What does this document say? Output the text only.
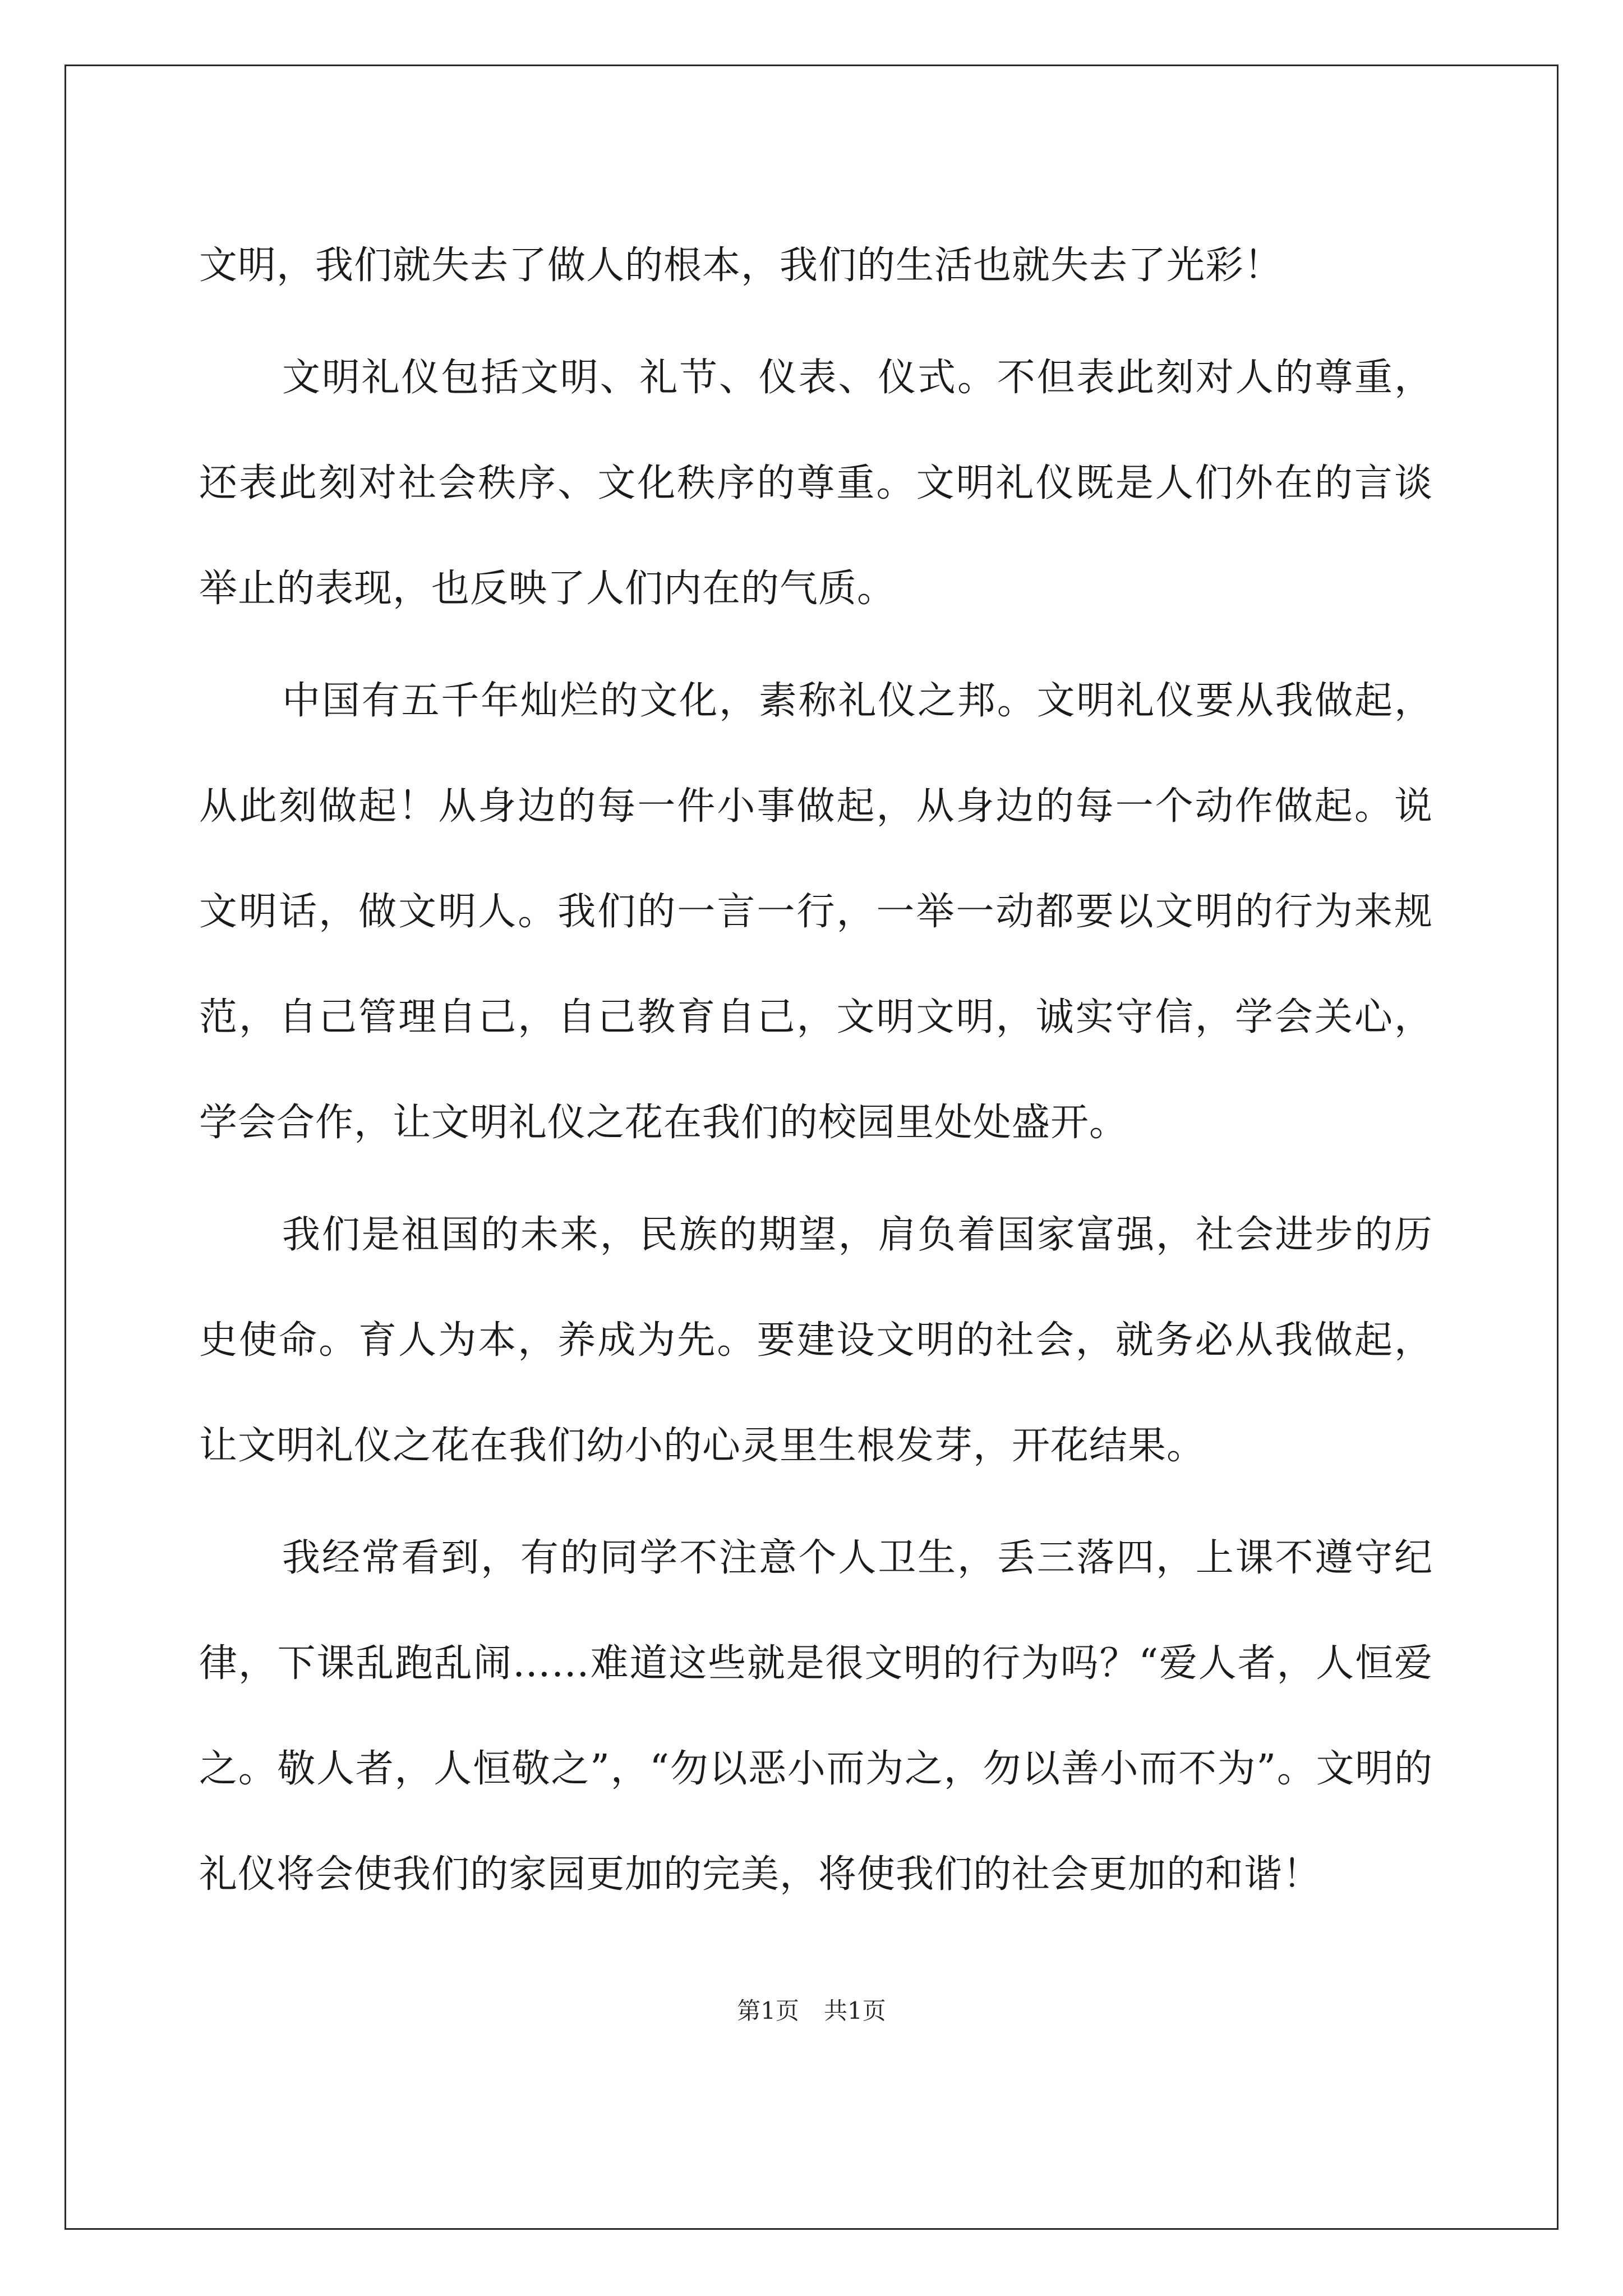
文明，我们就失去了做人的根本，我们的生活也就失去了光彩！

文明礼仪包括文明、礼节、仪表、仪式。不但表此刻对人的尊重，还表此刻对社会秩序、文化秩序的尊重。文明礼仪既是人们外在的言谈举止的表现，也反映了人们内在的气质。

中国有五千年灿烂的文化，素称礼仪之邦。文明礼仪要从我做起，从此刻做起！从身边的每一件小事做起，从身边的每一个动作做起。说文明话，做文明人。我们的一言一行，一举一动都要以文明的行为来规范，自己管理自己，自己教育自己，文明文明，诚实守信，学会关心，学会合作，让文明礼仪之花在我们的校园里处处盛开。

我们是祖国的未来，民族的期望，肩负着国家富强，社会进步的历史使命。育人为本，养成为先。要建设文明的社会，就务必从我做起，让文明礼仪之花在我们幼小的心灵里生根发芽，开花结果。

我经常看到，有的同学不注意个人卫生，丢三落四，上课不遵守纪律，下课乱跑乱闹……难道这些就是很文明的行为吗？“爱人者，人恒爱之。敬人者，人恒敬之”，“勿以恶小而为之，勿以善小而不为”。文明的礼仪将会使我们的家园更加的完美，将使我们的社会更加的和谐！

第1页 共1页
